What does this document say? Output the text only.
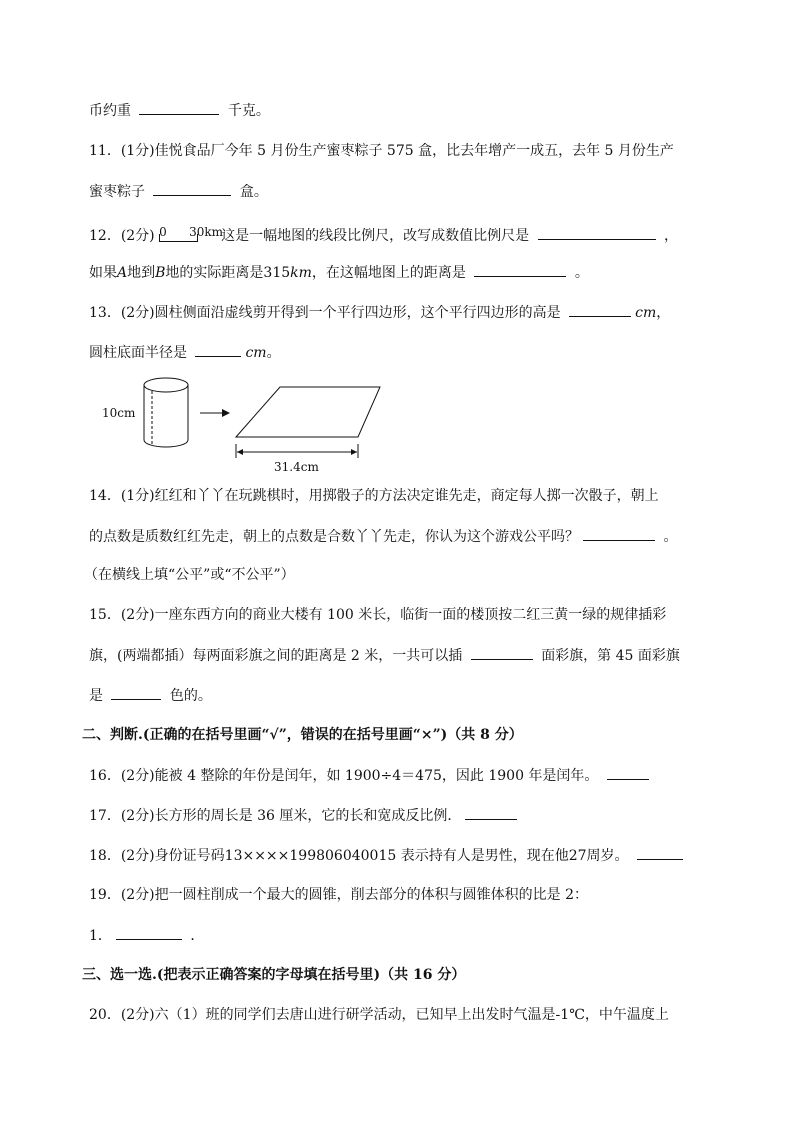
币约重	千克。
11．(1分)佳悦食品厂今年 5 月份生产蜜枣粽子 575 盒，比去年增产一成五，去年 5 月份生产
蜜枣粽子	盒。
12．(2分) 0 30km
这是一幅地图的线段比例尺，改写成数值比例尺是	，
如果A地到B地的实际距离是315km，在这幅地图上的距离是	。
13．(2分)圆柱侧面沿虚线剪开得到一个平行四边形，这个平行四边形的高是	cm，
圆柱底面半径是	cm。
10cm
31.4cm
14．(1分)红红和丫丫在玩跳棋时，用掷骰子的方法决定谁先走，商定每人掷一次骰子，朝上
的点数是质数红红先走，朝上的点数是合数丫丫先走，你认为这个游戏公平吗？	。
（在横线上填“公平”或“不公平”）
15．(2分)一座东西方向的商业大楼有 100 米长，临街一面的楼顶按二红三黄一绿的规律插彩
旗，(两端都插）每两面彩旗之间的距离是 2 米，一共可以插	面彩旗，第 45 面彩旗
是	色的。
二、判断.(正确的在括号里画“√”，错误的在括号里画“×”)（共 8 分）
16．(2分)能被 4 整除的年份是闰年，如 1900÷4＝475，因此 1900 年是闰年。
17．(2分)长方形的周长是 36 厘米，它的长和宽成反比例．
18．(2分)身份证号码13××××19980604001​5 表示持有人是男性，现在他27周岁。
19．(2分)把一圆柱削成一个最大的圆锥，削去部分的体积与圆锥体积的比是 2：
1．	．
三、选一选.(把表示正确答案的字母填在括号里)（共 16 分）
20．(2分)六（1）班的同学们去唐山进行研学活动，已知早上出发时气温是-1℃，中午温度上
